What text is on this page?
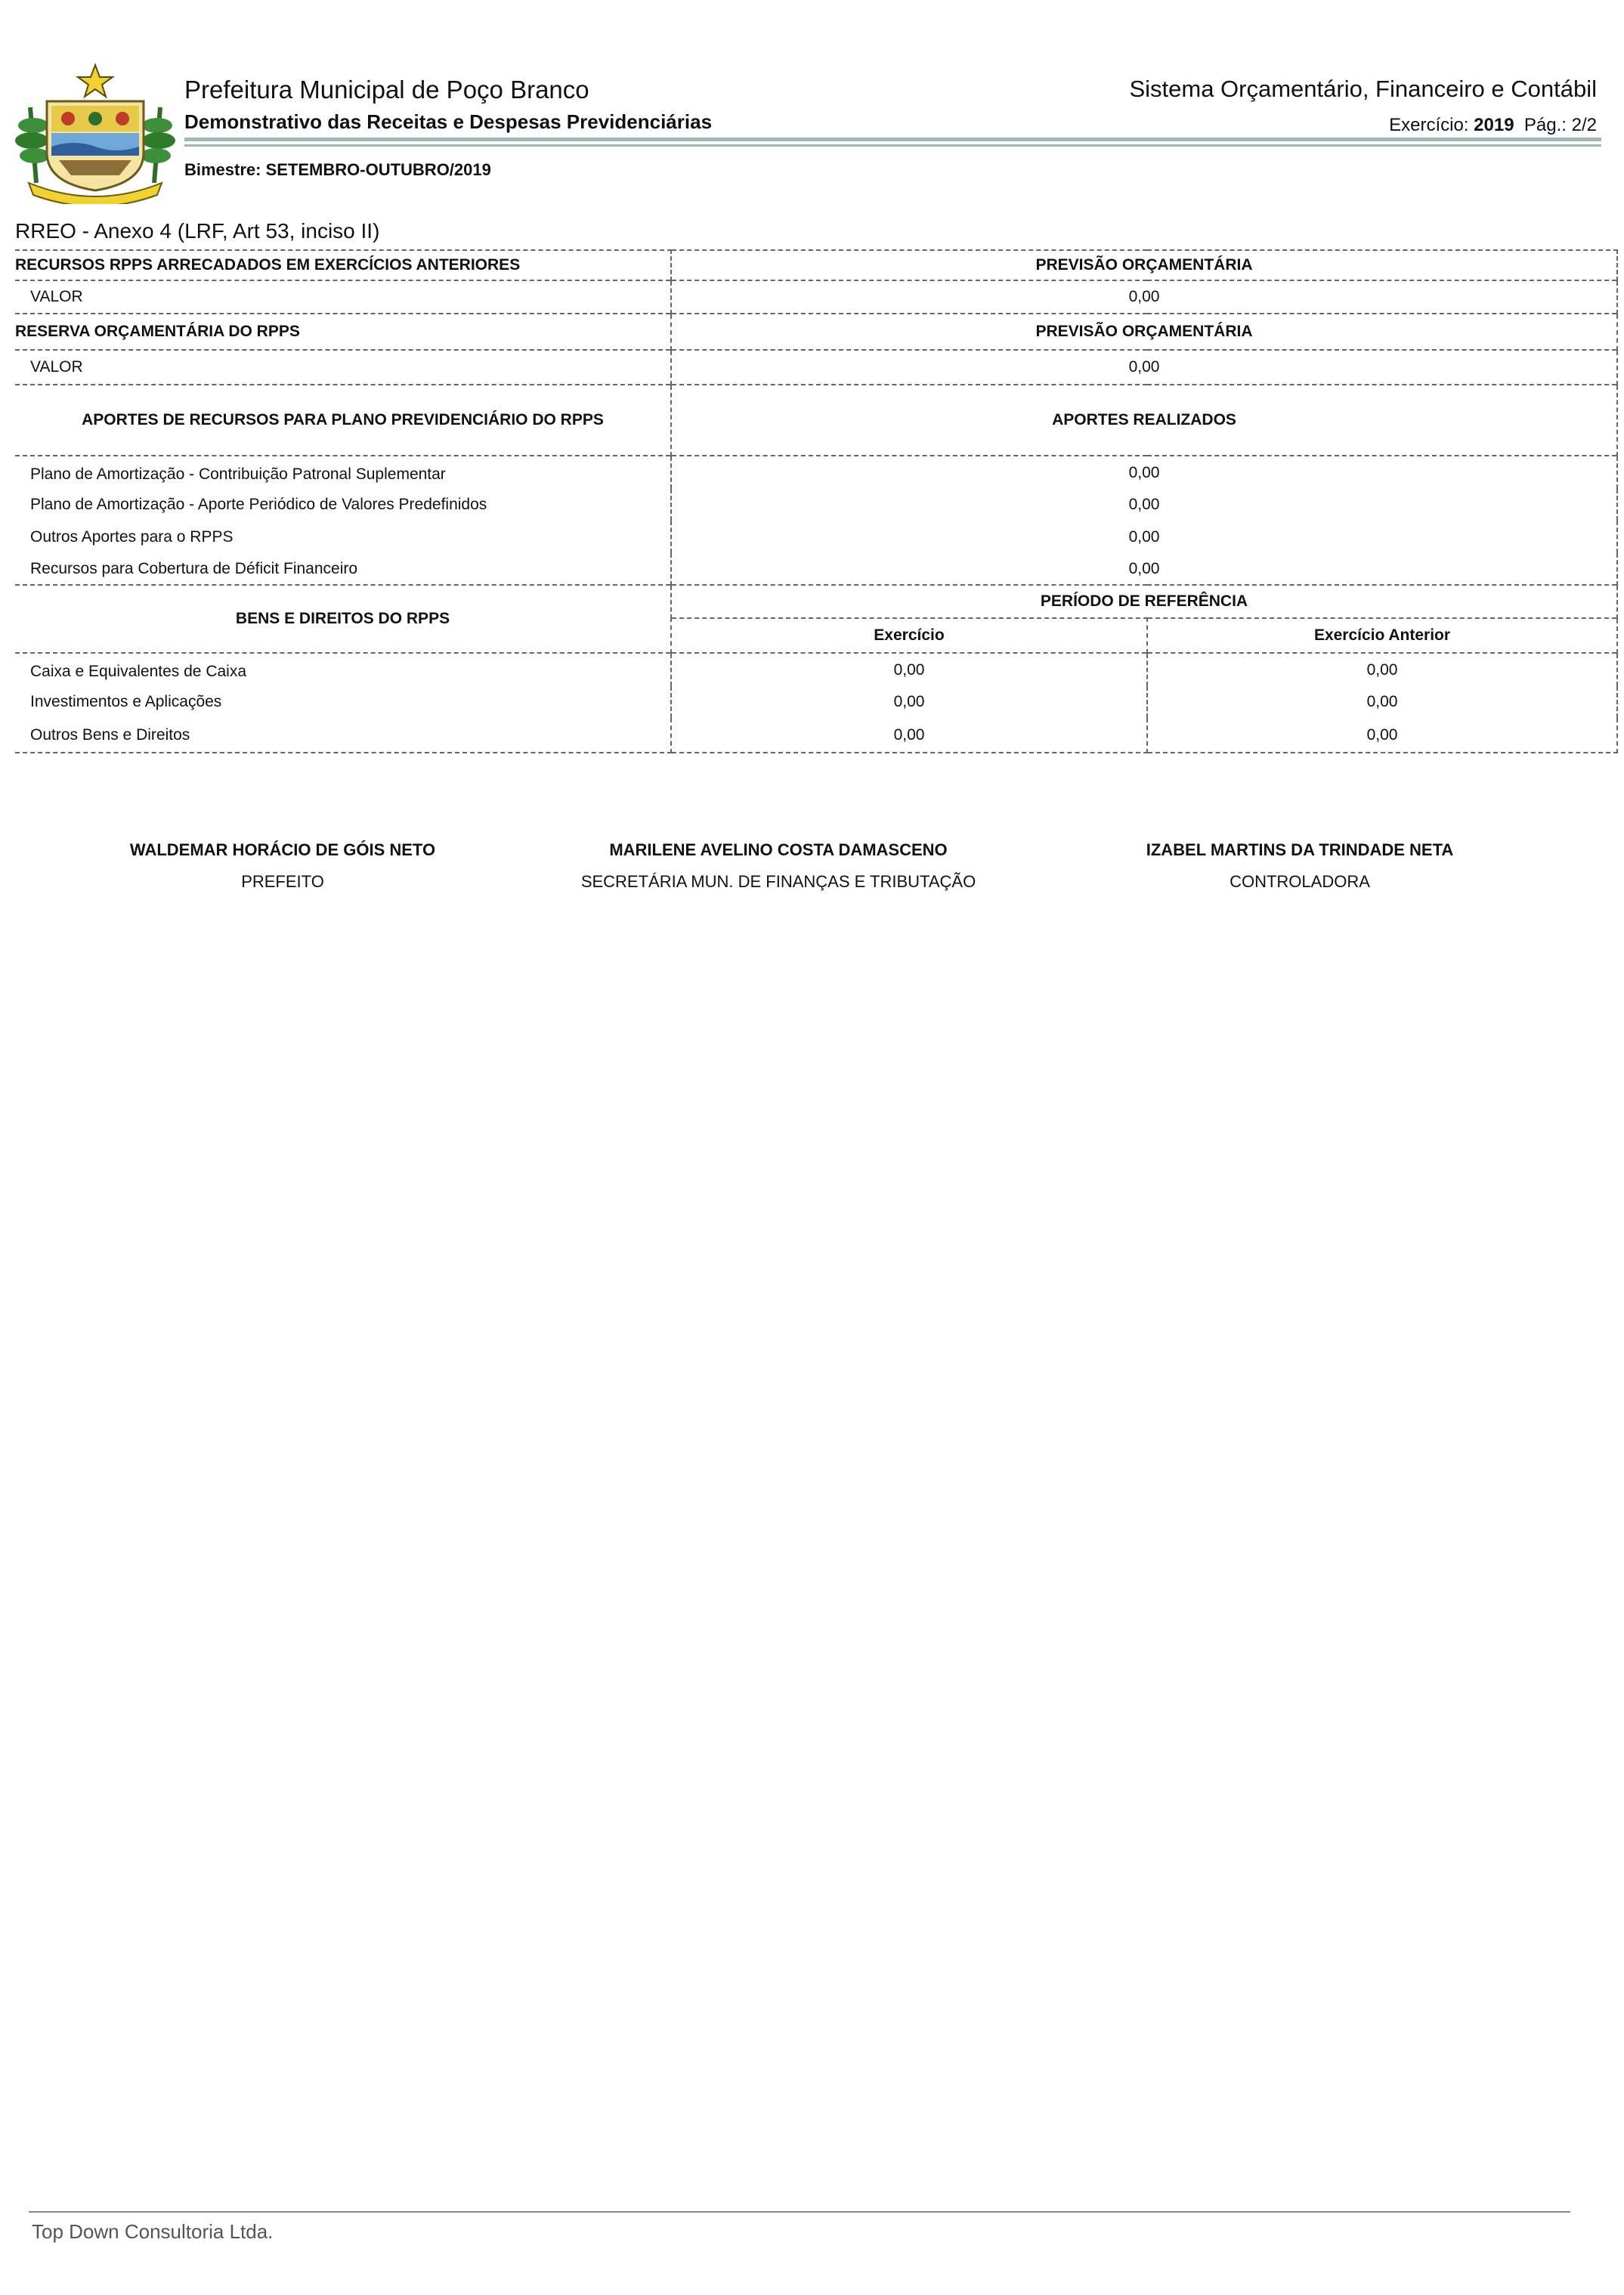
Prefeitura Municipal de Poço Branco
Demonstrativo das Receitas e Despesas Previdenciárias
Bimestre: SETEMBRO-OUTUBRO/2019
Sistema Orçamentário, Financeiro e Contábil
Exercício: 2019 Pág.: 2/2
RREO - Anexo 4 (LRF, Art 53, inciso II)
RECURSOS RPPS ARRECADADOS EM EXERCÍCIOS ANTERIORES	PREVISÃO ORÇAMENTÁRIA	
VALOR	0,00	
RESERVA ORÇAMENTÁRIA DO RPPS	PREVISÃO ORÇAMENTÁRIA	
VALOR	0,00	
APORTES DE RECURSOS PARA PLANO PREVIDENCIÁRIO DO RPPS	APORTES REALIZADOS	
Plano de Amortização - Contribuição Patronal Suplementar	0,00	
Plano de Amortização - Aporte Periódico de Valores Predefinidos	0,00	
Outros Aportes para o RPPS	0,00	
Recursos para Cobertura de Déficit Financeiro	0,00	
BENS E DIREITOS DO RPPS	PERÍODO DE REFERÊNCIA	
	Exercício	Exercício Anterior
Caixa e Equivalentes de Caixa	0,00	0,00
Investimentos e Aplicações	0,00	0,00
Outros Bens e Direitos	0,00	0,00
WALDEMAR HORÁCIO DE GÓIS NETO
PREFEITO
MARILENE AVELINO COSTA DAMASCENO
SECRETÁRIA MUN. DE FINANÇAS E TRIBUTAÇÃO
IZABEL MARTINS DA TRINDADE NETA
CONTROLADORA
Top Down Consultoria Ltda.
